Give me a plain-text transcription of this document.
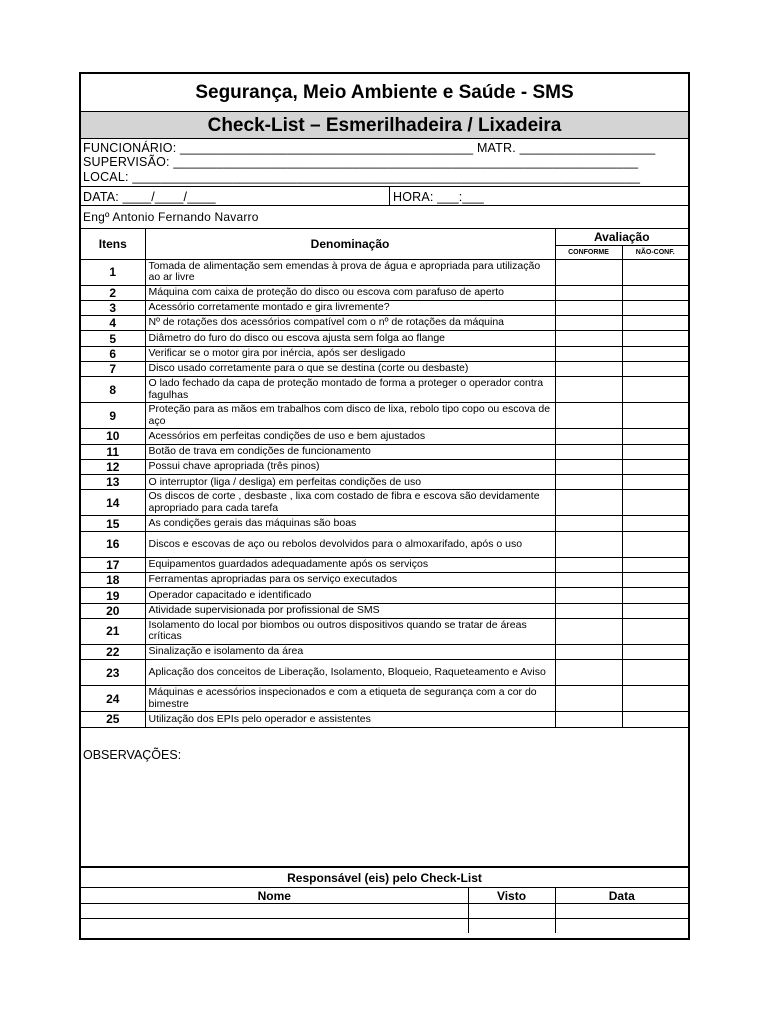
Segurança, Meio Ambiente e Saúde - SMS
Check-List – Esmerilhadeira / Lixadeira
FUNCIONÁRIO: _________________________________________ MATR. ___________________
SUPERVISÃO: _________________________________________________________________
LOCAL: _______________________________________________________________________
DATA: ____/____/____	HORA: ___:___
Engº Antonio Fernando Navarro
Itens	Denominação	Avaliação	
		CONFORME	NÃO-CONF.
1	Tomada de alimentação sem emendas à prova de água e apropriada para utilização ao ar livre		
2	Máquina com caixa de proteção do disco ou escova com parafuso de aperto		
3	Acessório corretamente montado e gira livremente?		
4	Nº de rotações dos acessórios compatível com o nº de rotações da máquina		
5	Diâmetro do furo do disco ou escova ajusta sem folga ao flange		
6	Verificar se o motor gira por inércia, após ser desligado		
7	Disco usado corretamente para o que se destina (corte ou desbaste)		
8	O lado fechado da capa de proteção montado de forma a proteger o operador contra fagulhas		
9	Proteção para as mãos em trabalhos com disco de lixa, rebolo tipo copo ou escova de aço		
10	Acessórios em perfeitas condições de uso e bem ajustados		
11	Botão de trava em condições de funcionamento		
12	Possui chave apropriada (três pinos)		
13	O interruptor (liga / desliga) em perfeitas condições de uso		
14	Os discos de corte , desbaste , lixa com costado de fibra e escova são devidamente apropriado para cada tarefa		
15	As condições gerais das máquinas são boas		
16	Discos e escovas de aço ou rebolos devolvidos para o almoxarifado, após o uso		
17	Equipamentos guardados adequadamente após os serviços		
18	Ferramentas apropriadas para os serviço executados		
19	Operador capacitado e identificado		
20	Atividade supervisionada por profissional de SMS		
21	Isolamento do local por biombos ou outros dispositivos quando se tratar de áreas críticas		
22	Sinalização e isolamento da área		
23	Aplicação dos conceitos de Liberação, Isolamento, Bloqueio, Raqueteamento e Aviso		
24	Máquinas e acessórios inspecionados e com a etiqueta de segurança com a cor do bimestre		
25	Utilização dos EPIs pelo operador e assistentes		
OBSERVAÇÕES:
Responsável (eis) pelo Check-List		
Nome	Visto	Data
